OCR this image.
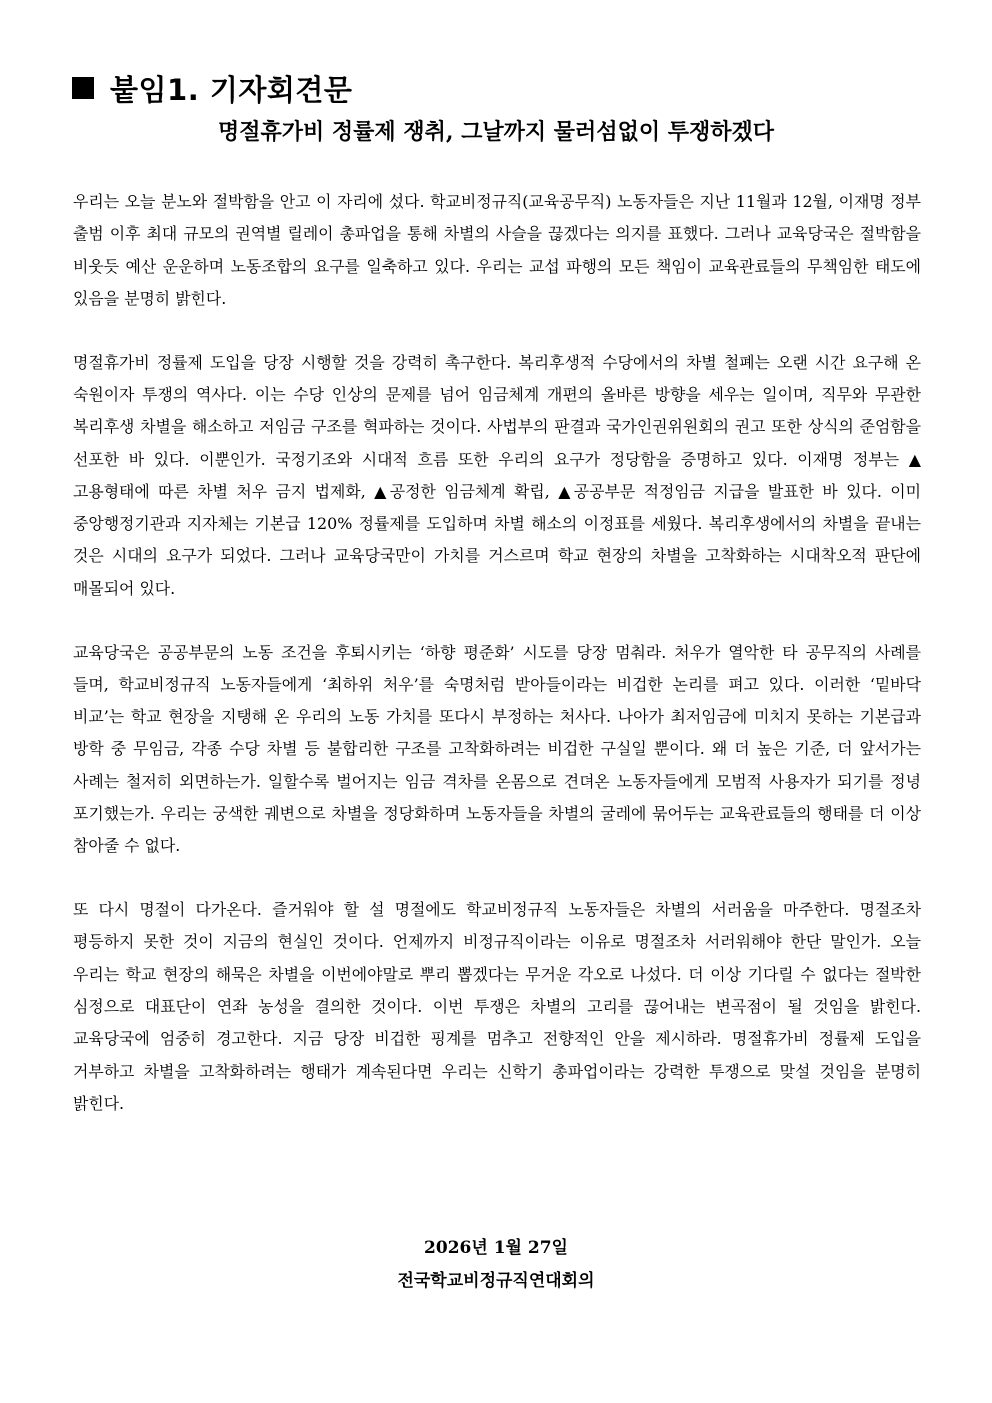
붙임1. 기자회견문
명절휴가비 정률제 쟁취, 그날까지 물러섬없이 투쟁하겠다

우리는 오늘 분노와 절박함을 안고 이 자리에 섰다. 학교비정규직(교육공무직) 노동자들은 지난 11월과 12월, 이재명 정부 출범 이후 최대 규모의 권역별 릴레이 총파업을 통해 차별의 사슬을 끊겠다는 의지를 표했다. 그러나 교육당국은 절박함을 비웃듯 예산 운운하며 노동조합의 요구를 일축하고 있다. 우리는 교섭 파행의 모든 책임이 교육관료들의 무책임한 태도에 있음을 분명히 밝힌다.

명절휴가비 정률제 도입을 당장 시행할 것을 강력히 촉구한다. 복리후생적 수당에서의 차별 철폐는 오랜 시간 요구해 온 숙원이자 투쟁의 역사다. 이는 수당 인상의 문제를 넘어 임금체계 개편의 올바른 방향을 세우는 일이며, 직무와 무관한 복리후생 차별을 해소하고 저임금 구조를 혁파하는 것이다. 사법부의 판결과 국가인권위원회의 권고 또한 상식의 준엄함을 선포한 바 있다. 이뿐인가. 국정기조와 시대적 흐름 또한 우리의 요구가 정당함을 증명하고 있다. 이재명 정부는 ▲고용형태에 따른 차별 처우 금지 법제화, ▲공정한 임금체계 확립, ▲공공부문 적정임금 지급을 발표한 바 있다. 이미 중앙행정기관과 지자체는 기본급 120% 정률제를 도입하며 차별 해소의 이정표를 세웠다. 복리후생에서의 차별을 끝내는 것은 시대의 요구가 되었다. 그러나 교육당국만이 가치를 거스르며 학교 현장의 차별을 고착화하는 시대착오적 판단에 매몰되어 있다.

교육당국은 공공부문의 노동 조건을 후퇴시키는 ‘하향 평준화’ 시도를 당장 멈춰라. 처우가 열악한 타 공무직의 사례를 들며, 학교비정규직 노동자들에게 ‘최하위 처우’를 숙명처럼 받아들이라는 비겁한 논리를 펴고 있다. 이러한 ‘밑바닥 비교’는 학교 현장을 지탱해 온 우리의 노동 가치를 또다시 부정하는 처사다. 나아가 최저임금에 미치지 못하는 기본급과 방학 중 무임금, 각종 수당 차별 등 불합리한 구조를 고착화하려는 비겁한 구실일 뿐이다. 왜 더 높은 기준, 더 앞서가는 사례는 철저히 외면하는가. 일할수록 벌어지는 임금 격차를 온몸으로 견뎌온 노동자들에게 모범적 사용자가 되기를 정녕 포기했는가. 우리는 궁색한 궤변으로 차별을 정당화하며 노동자들을 차별의 굴레에 묶어두는 교육관료들의 행태를 더 이상 참아줄 수 없다.

또 다시 명절이 다가온다. 즐거워야 할 설 명절에도 학교비정규직 노동자들은 차별의 서러움을 마주한다. 명절조차 평등하지 못한 것이 지금의 현실인 것이다. 언제까지 비정규직이라는 이유로 명절조차 서러워해야 한단 말인가. 오늘 우리는 학교 현장의 해묵은 차별을 이번에야말로 뿌리 뽑겠다는 무거운 각오로 나섰다. 더 이상 기다릴 수 없다는 절박한 심정으로 대표단이 연좌 농성을 결의한 것이다. 이번 투쟁은 차별의 고리를 끊어내는 변곡점이 될 것임을 밝힌다. 교육당국에 엄중히 경고한다. 지금 당장 비겁한 핑계를 멈추고 전향적인 안을 제시하라. 명절휴가비 정률제 도입을 거부하고 차별을 고착화하려는 행태가 계속된다면 우리는 신학기 총파업이라는 강력한 투쟁으로 맞설 것임을 분명히 밝힌다.

2026년 1월 27일
전국학교비정규직연대회의
